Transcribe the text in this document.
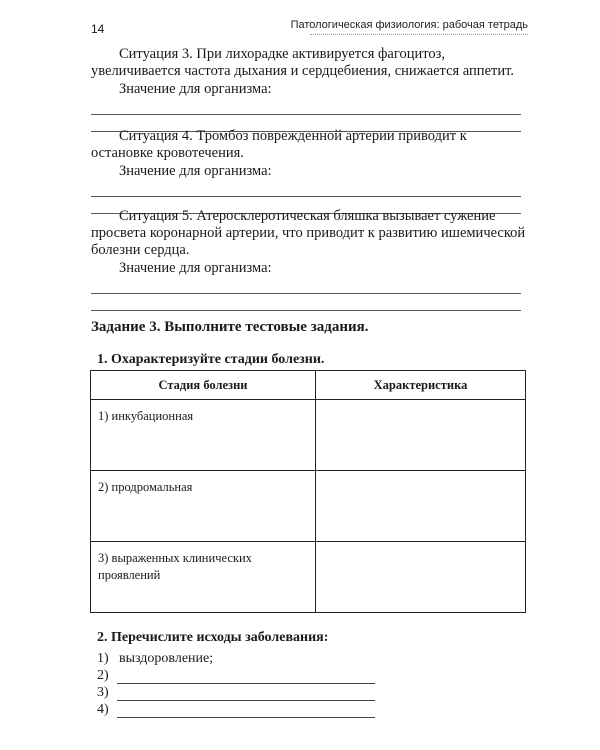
14	Патологическая физиология: рабочая тетрадь

Ситуация 3. При лихорадке активируется фагоцитоз, увеличивается частота дыхания и сердцебиения, снижается аппетит.

Значение для организма:

Ситуация 4. Тромбоз поврежденной артерии приводит к остановке кровотечения.

Значение для организма:

Ситуация 5. Атеросклеротическая бляшка вызывает сужение просвета коронарной артерии, что приводит к развитию ишемической болезни сердца.

Значение для организма:
Задание 3. Выполните тестовые задания.
1. Охарактеризуйте стадии болезни.
Стадия болезни	Характеристика
1) инкубационная	
2) продромальная	
3) выраженных клинических проявлений	
2. Перечислите исходы заболевания:
1) выздоровление;
2)
3)
4)
